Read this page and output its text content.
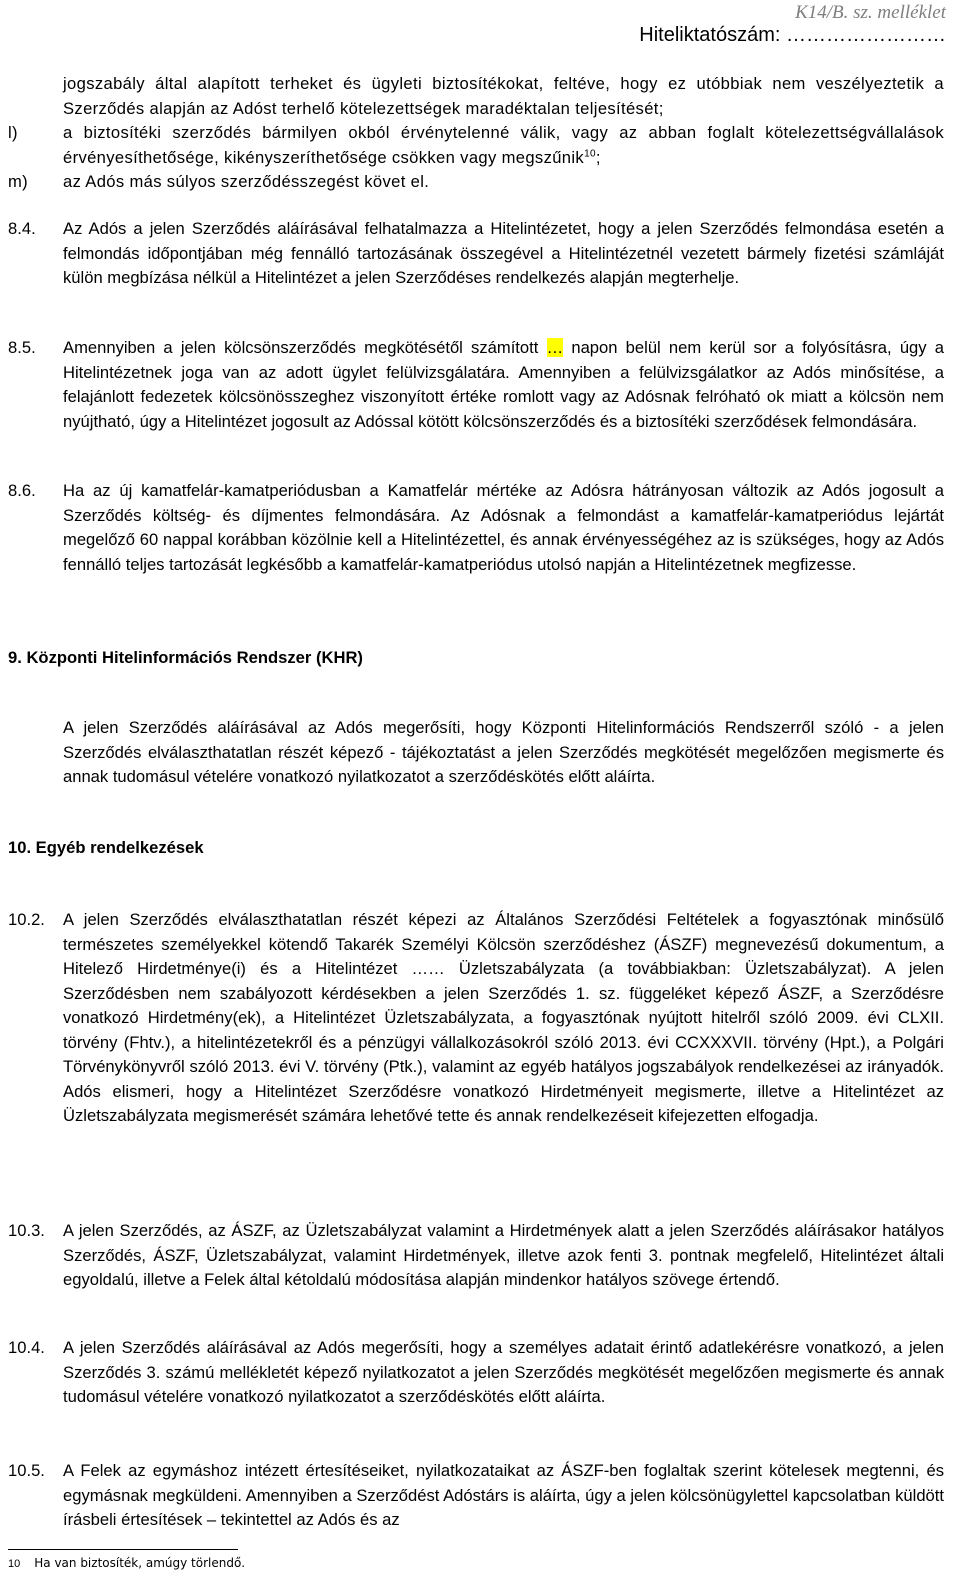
K14/B. sz. melléklet
Hiteliktatószám: ……………………
jogszabály által alapított terheket és ügyleti biztosítékokat, feltéve, hogy ez utóbbiak nem veszélyeztetik a Szerződés alapján az Adóst terhelő kötelezettségek maradéktalan teljesítését;
l)	a biztosítéki szerződés bármilyen okból érvénytelenné válik, vagy az abban foglalt kötelezettségvállalások érvényesíthetősége, kikényszeríthetősége csökken vagy megszűnik$^{10}$;
m)	az Adós más súlyos szerződésszegést követ el.
8.4.	Az Adós a jelen Szerződés aláírásával felhatalmazza a Hitelintézetet, hogy a jelen Szerződés felmondása esetén a felmondás időpontjában még fennálló tartozásának összegével a Hitelintézetnél vezetett bármely fizetési számláját külön megbízása nélkül a Hitelintézet a jelen Szerződéses rendelkezés alapján megterhelje.
8.5.	Amennyiben a jelen kölcsönszerződés megkötésétől számított … napon belül nem kerül sor a folyósításra, úgy a Hitelintézetnek joga van az adott ügylet felülvizsgálatára. Amennyiben a felülvizsgálatkor az Adós minősítése, a felajánlott fedezetek kölcsönösszeghez viszonyított értéke romlott vagy az Adósnak felróható ok miatt a kölcsön nem nyújtható, úgy a Hitelintézet jogosult az Adóssal kötött kölcsönszerződés és a biztosítéki szerződések felmondására.
8.6.	Ha az új kamatfelár-kamatperiódusban a Kamatfelár mértéke az Adósra hátrányosan változik az Adós jogosult a Szerződés költség- és díjmentes felmondására. Az Adósnak a felmondást a kamatfelár-kamatperiódus lejártát megelőző 60 nappal korábban közölnie kell a Hitelintézettel, és annak érvényességéhez az is szükséges, hogy az Adós fennálló teljes tartozását legkésőbb a kamatfelár-kamatperiódus utolsó napján a Hitelintézetnek megfizesse.
9. Központi Hitelinformációs Rendszer (KHR)
A jelen Szerződés aláírásával az Adós megerősíti, hogy Központi Hitelinformációs Rendszerről szóló - a jelen Szerződés elválaszthatatlan részét képező - tájékoztatást a jelen Szerződés megkötését megelőzően megismerte és annak tudomásul vételére vonatkozó nyilatkozatot a szerződéskötés előtt aláírta.
10. Egyéb rendelkezések
10.2.	A jelen Szerződés elválaszthatatlan részét képezi az Általános Szerződési Feltételek a fogyasztónak minősülő természetes személyekkel kötendő Takarék Személyi Kölcsön szerződéshez (ÁSZF) megnevezésű dokumentum, a Hitelező Hirdetménye(i) és a Hitelintézet …… Üzletszabályzata (a továbbiakban: Üzletszabályzat). A jelen Szerződésben nem szabályozott kérdésekben a jelen Szerződés 1. sz. függeléket képező ÁSZF, a Szerződésre vonatkozó Hirdetmény(ek), a Hitelintézet Üzletszabályzata, a fogyasztónak nyújtott hitelről szóló 2009. évi CLXII. törvény (Fhtv.), a hitelintézetekről és a pénzügyi vállalkozásokról szóló 2013. évi CCXXXVII. törvény (Hpt.), a Polgári Törvénykönyvről szóló 2013. évi V. törvény (Ptk.), valamint az egyéb hatályos jogszabályok rendelkezései az irányadók. Adós elismeri, hogy a Hitelintézet Szerződésre vonatkozó Hirdetményeit megismerte, illetve a Hitelintézet az Üzletszabályzata megismerését számára lehetővé tette és annak rendelkezéseit kifejezetten elfogadja.
10.3.	A jelen Szerződés, az ÁSZF, az Üzletszabályzat valamint a Hirdetmények alatt a jelen Szerződés aláírásakor hatályos Szerződés, ÁSZF, Üzletszabályzat, valamint Hirdetmények, illetve azok fenti 3. pontnak megfelelő, Hitelintézet általi egyoldalú, illetve a Felek által kétoldalú módosítása alapján mindenkor hatályos szövege értendő.
10.4.	A jelen Szerződés aláírásával az Adós megerősíti, hogy a személyes adatait érintő adatlekérésre vonatkozó, a jelen Szerződés 3. számú mellékletét képező nyilatkozatot a jelen Szerződés megkötését megelőzően megismerte és annak tudomásul vételére vonatkozó nyilatkozatot a szerződéskötés előtt aláírta.
10.5.	A Felek az egymáshoz intézett értesítéseiket, nyilatkozataikat az ÁSZF-ben foglaltak szerint kötelesek megtenni, és egymásnak megküldeni. Amennyiben a Szerződést Adóstárs is aláírta, úgy a jelen kölcsönügylettel kapcsolatban küldött írásbeli értesítések – tekintettel az Adós és az
10 Ha van biztosíték, amúgy törlendő.
